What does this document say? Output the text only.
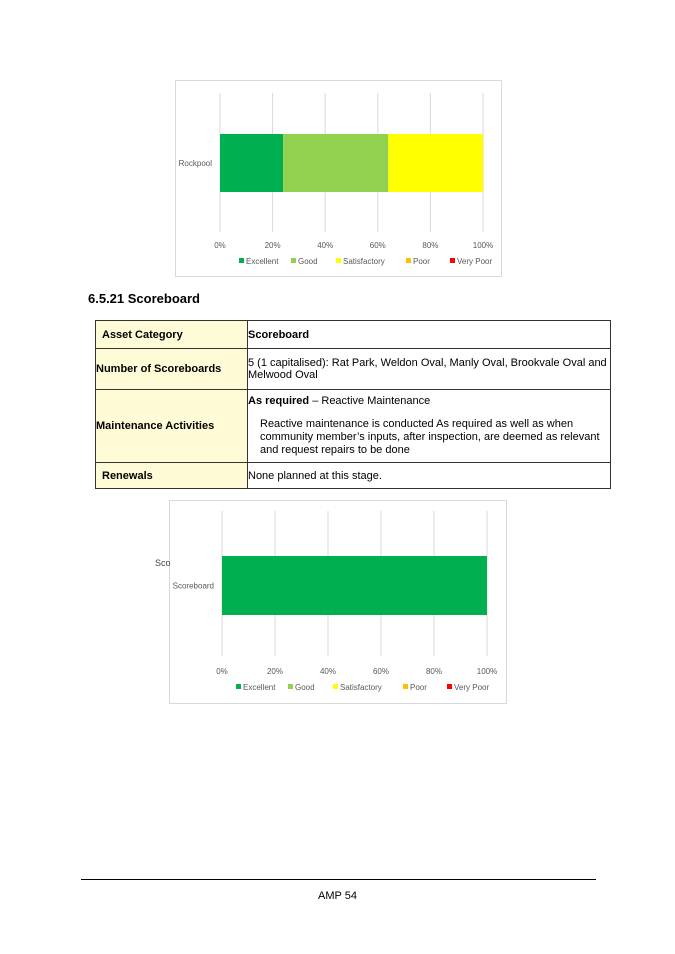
0%	20%	40%	60%	80%	100%
Rockpool
Excellent Good	Satisfactory	Poor	Very Poor
6.5.21 Scoreboard
Asset Category	Scoreboard
Number of Scoreboards	5 (1 capitalised): Rat Park, Weldon Oval, Manly Oval, Brookvale Oval and Melwood Oval
Maintenance Activities	As required – Reactive Maintenance

Reactive maintenance is conducted As required as well as when community member’s inputs, after inspection, are deemed as relevant and request repairs to be done

Renewals	None planned at this stage.
0%	20%	40%	60%	80%	100%
Scoreboard
Excellent Good	Satisfactory	Poor	Very Poor
Sco
AMP 54
